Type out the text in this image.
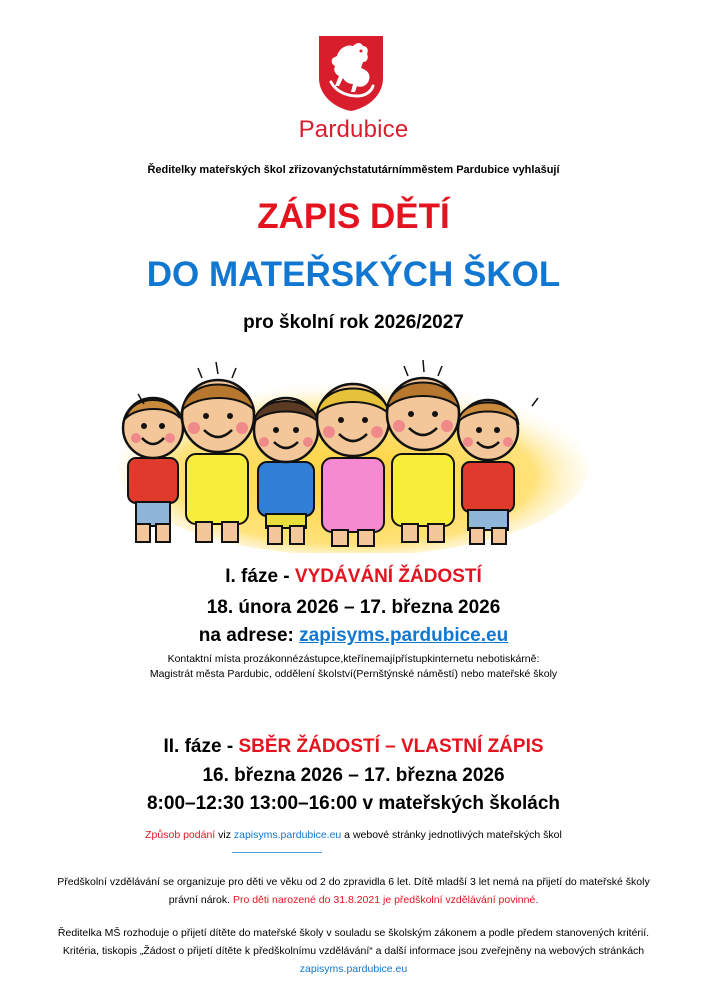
Pardubice
Ředitelky mateřských škol zřizovanýchstatutárnímměstem Pardubice vyhlašují
ZÁPIS DĚTÍ
DO MATEŘSKÝCH ŠKOL
pro školní rok 2026/2027
I. fáze - VYDÁVÁNÍ ŽÁDOSTÍ
18. února 2026 – 17. března 2026
na adrese: zapisyms.pardubice.eu
Kontaktní místa prozákonnézástupce,kteřínemajípřístupkinternetu nebotiskárně:
Magistrát města Pardubic, oddělení školství(Pernštýnské náměstí) nebo mateřské školy
II. fáze - SBĚR ŽÁDOSTÍ – VLASTNÍ ZÁPIS
16. března 2026 – 17. března 2026
8:00–12:30 13:00–16:00 v mateřských školách
Způsob podání viz zapisyms.pardubice.eu a webové stránky jednotlivých mateřských škol
Předškolní vzdělávání se organizuje pro děti ve věku od 2 do zpravidla 6 let. Dítě mladší 3 let nemá na přijetí do mateřské školy právní nárok. Pro děti narozené do 31.8.2021 je předškolní vzdělávání povinné.
Ředitelka MŠ rozhoduje o přijetí dítěte do mateřské školy v souladu se školským zákonem a podle předem stanovených kritérií. Kritéria, tiskopis „Žádost o přijetí dítěte k předškolnímu vzdělávání“ a další informace jsou zveřejněny na webových stránkách zapisyms.pardubice.eu
